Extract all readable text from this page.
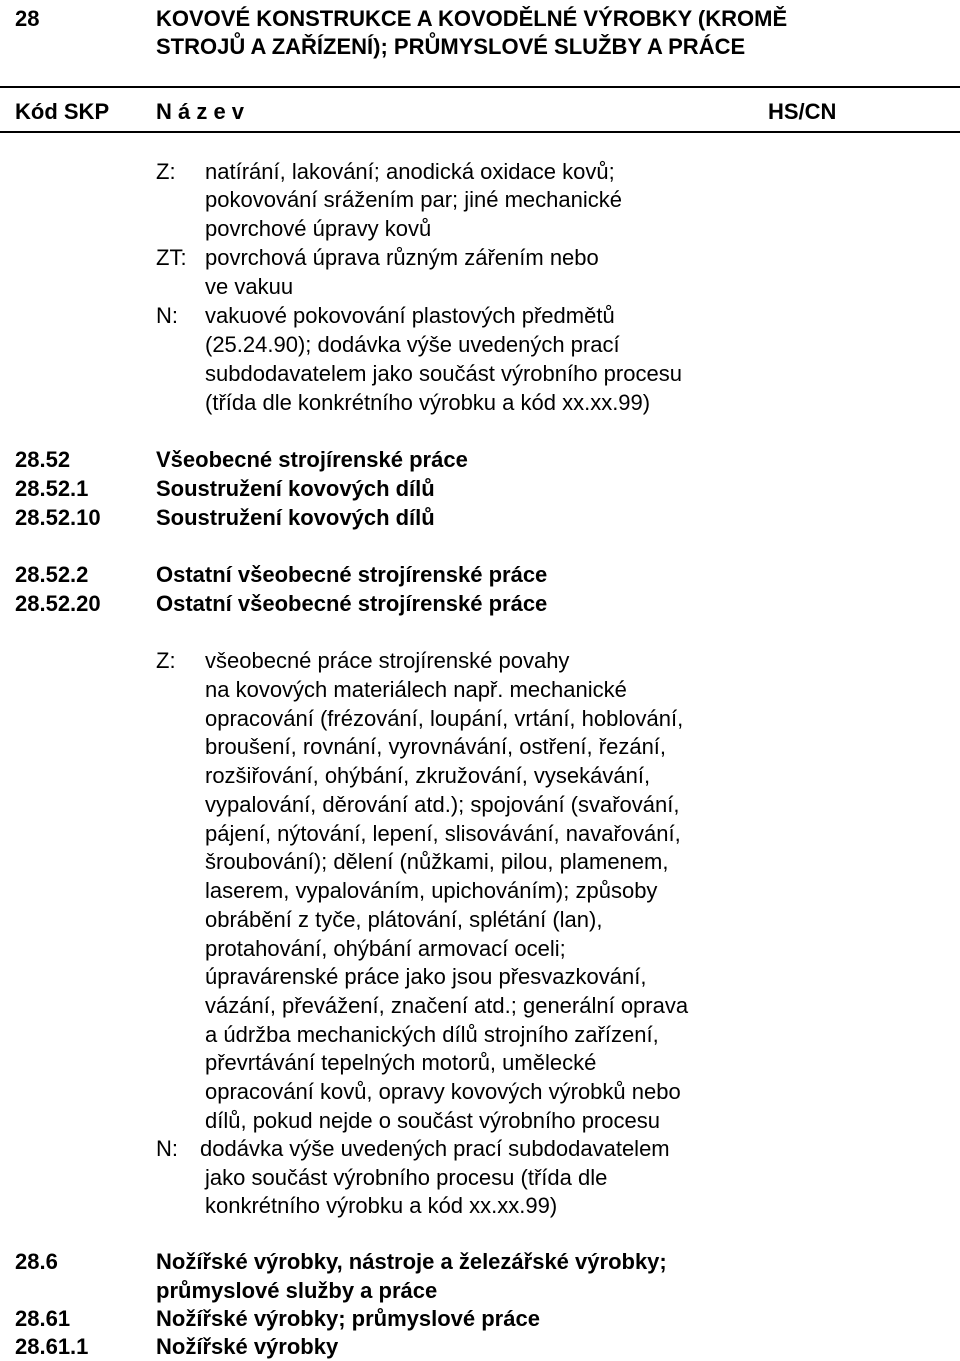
28	KOVOVÉ KONSTRUKCE A KOVODĚLNÉ VÝROBKY (KROMĚ
STROJŮ A ZAŘÍZENÍ); PRŮMYSLOVÉ SLUŽBY A PRÁCE
Kód SKP N á z e v	HS/CN
Z: natírání, lakování; anodická oxidace kovů;
pokovování srážením par; jiné mechanické
povrchové úpravy kovů
ZT: povrchová úprava různým zářením nebo
ve vakuu
N: vakuové pokovování plastových předmětů
(25.24.90); dodávka výše uvedených prací
subdodavatelem jako součást výrobního procesu
(třída dle konkrétního výrobku a kód xx.xx.99)
28.52	Všeobecné strojírenské práce
28.52.1	Soustružení kovových dílů
28.52.10	Soustružení kovových dílů
28.52.2	Ostatní všeobecné strojírenské práce
28.52.20	Ostatní všeobecné strojírenské práce
Z: všeobecné práce strojírenské povahy
na kovových materiálech např. mechanické
opracování (frézování, loupání, vrtání, hoblování,
broušení, rovnání, vyrovnávání, ostření, řezání,
rozšiřování, ohýbání, zkružování, vysekávání,
vypalování, děrování atd.); spojování (svařování,
pájení, nýtování, lepení, slisovávání, navařování,
šroubování); dělení (nůžkami, pilou, plamenem,
laserem, vypalováním, upichováním); způsoby
obrábění z tyče, plátování, splétání (lan),
protahování, ohýbání armovací oceli;
úpravárenské práce jako jsou přesvazkování,
vázání, převážení, značení atd.; generální oprava
a údržba mechanických dílů strojního zařízení,
převrtávání tepelných motorů, umělecké
opracování kovů, opravy kovových výrobků nebo
dílů, pokud nejde o součást výrobního procesu
N: dodávka výše uvedených prací subdodavatelem
jako součást výrobního procesu (třída dle
konkrétního výrobku a kód xx.xx.99)
28.6	Nožířské výrobky, nástroje a železářské výrobky;
průmyslové služby a práce
28.61	Nožířské výrobky; průmyslové práce
28.61.1	Nožířské výrobky
